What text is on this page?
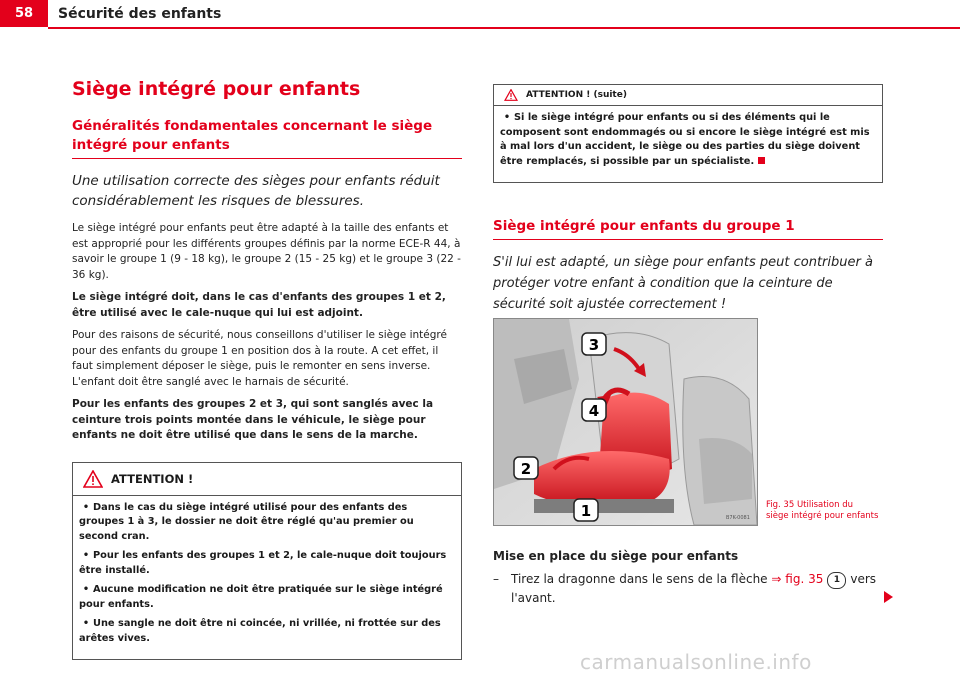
58	Sécurité des enfants
Siège intégré pour enfants
Généralités fondamentales concernant le siège intégré pour enfants
Une utilisation correcte des sièges pour enfants réduit considérablement les risques de blessures.

Le siège intégré pour enfants peut être adapté à la taille des enfants et est approprié pour les différents groupes définis par la norme ECE-R 44, à savoir le groupe 1 (9 - 18 kg), le groupe 2 (15 - 25 kg) et le groupe 3 (22 - 36 kg).

Le siège intégré doit, dans le cas d'enfants des groupes 1 et 2, être utilisé avec le cale-nuque qui lui est adjoint.

Pour des raisons de sécurité, nous conseillons d'utiliser le siège intégré pour des enfants du groupe 1 en position dos à la route. A cet effet, il faut simplement déposer le siège, puis le remonter en sens inverse. L'enfant doit être sanglé avec le harnais de sécurité.

Pour les enfants des groupes 2 et 3, qui sont sanglés avec la ceinture trois points montée dans le véhicule, le siège pour enfants ne doit être utilisé que dans le sens de la marche.

ATTENTION !
• Dans le cas du siège intégré utilisé pour des enfants des groupes 1 à 3, le dossier ne doit être réglé qu'au premier ou second cran.
• Pour les enfants des groupes 1 et 2, le cale-nuque doit toujours être installé.
• Aucune modification ne doit être pratiquée sur le siège intégré pour enfants.
• Une sangle ne doit être ni coincée, ni vrillée, ni frottée sur des arêtes vives.
ATTENTION ! (suite)
• Si le siège intégré pour enfants ou si des éléments qui le composent sont endommagés ou si encore le siège intégré est mis à mal lors d'un accident, le siège ou des parties du siège doivent être remplacés, si possible par un spécialiste.
Siège intégré pour enfants du groupe 1
S'il lui est adapté, un siège pour enfants peut contribuer à protéger votre enfant à condition que la ceinture de sécurité soit ajustée correctement !
1
2
3
4
B7K-0081
Fig. 35 Utilisation du
siège intégré pour enfants
Mise en place du siège pour enfants
– Tirez la dragonne dans le sens de la flèche ⇒ fig. 35 1 vers
l'avant.
carmanualsonline.info
